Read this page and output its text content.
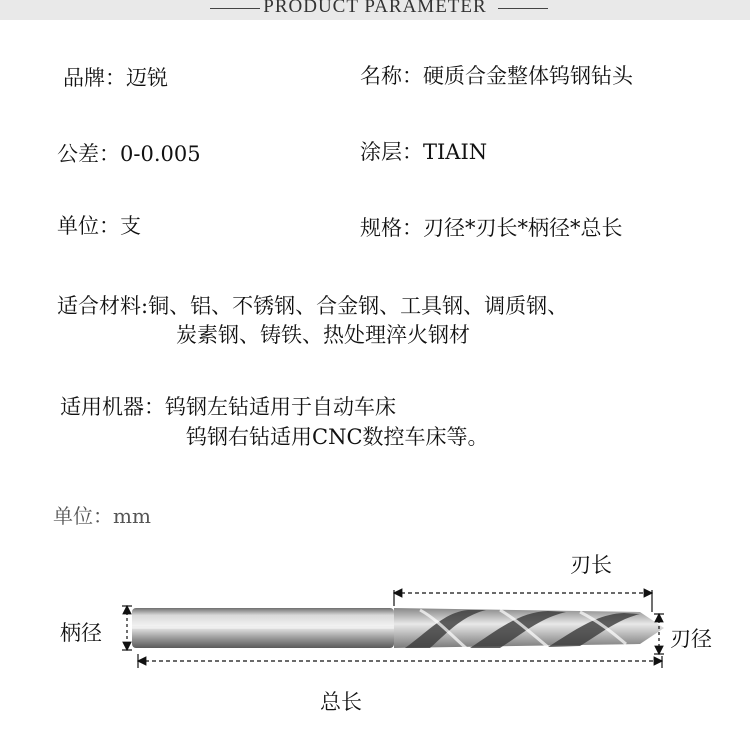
PRODUCT PARAMETER
品牌：迈锐	名称：硬质合金整体钨钢钻头
公差：0-0.005	涂层：TIAIN
单位：支	规格：刃径*刃长*柄径*总长
适合材料:铜、铝、不锈钢、合金钢、工具钢、调质钢、
炭素钢、铸铁、热处理淬火钢材
适用机器：钨钢左钻适用于自动车床
钨钢右钻适用CNC数控车床等。
单位：mm
刃长
柄径	刃径
总长
